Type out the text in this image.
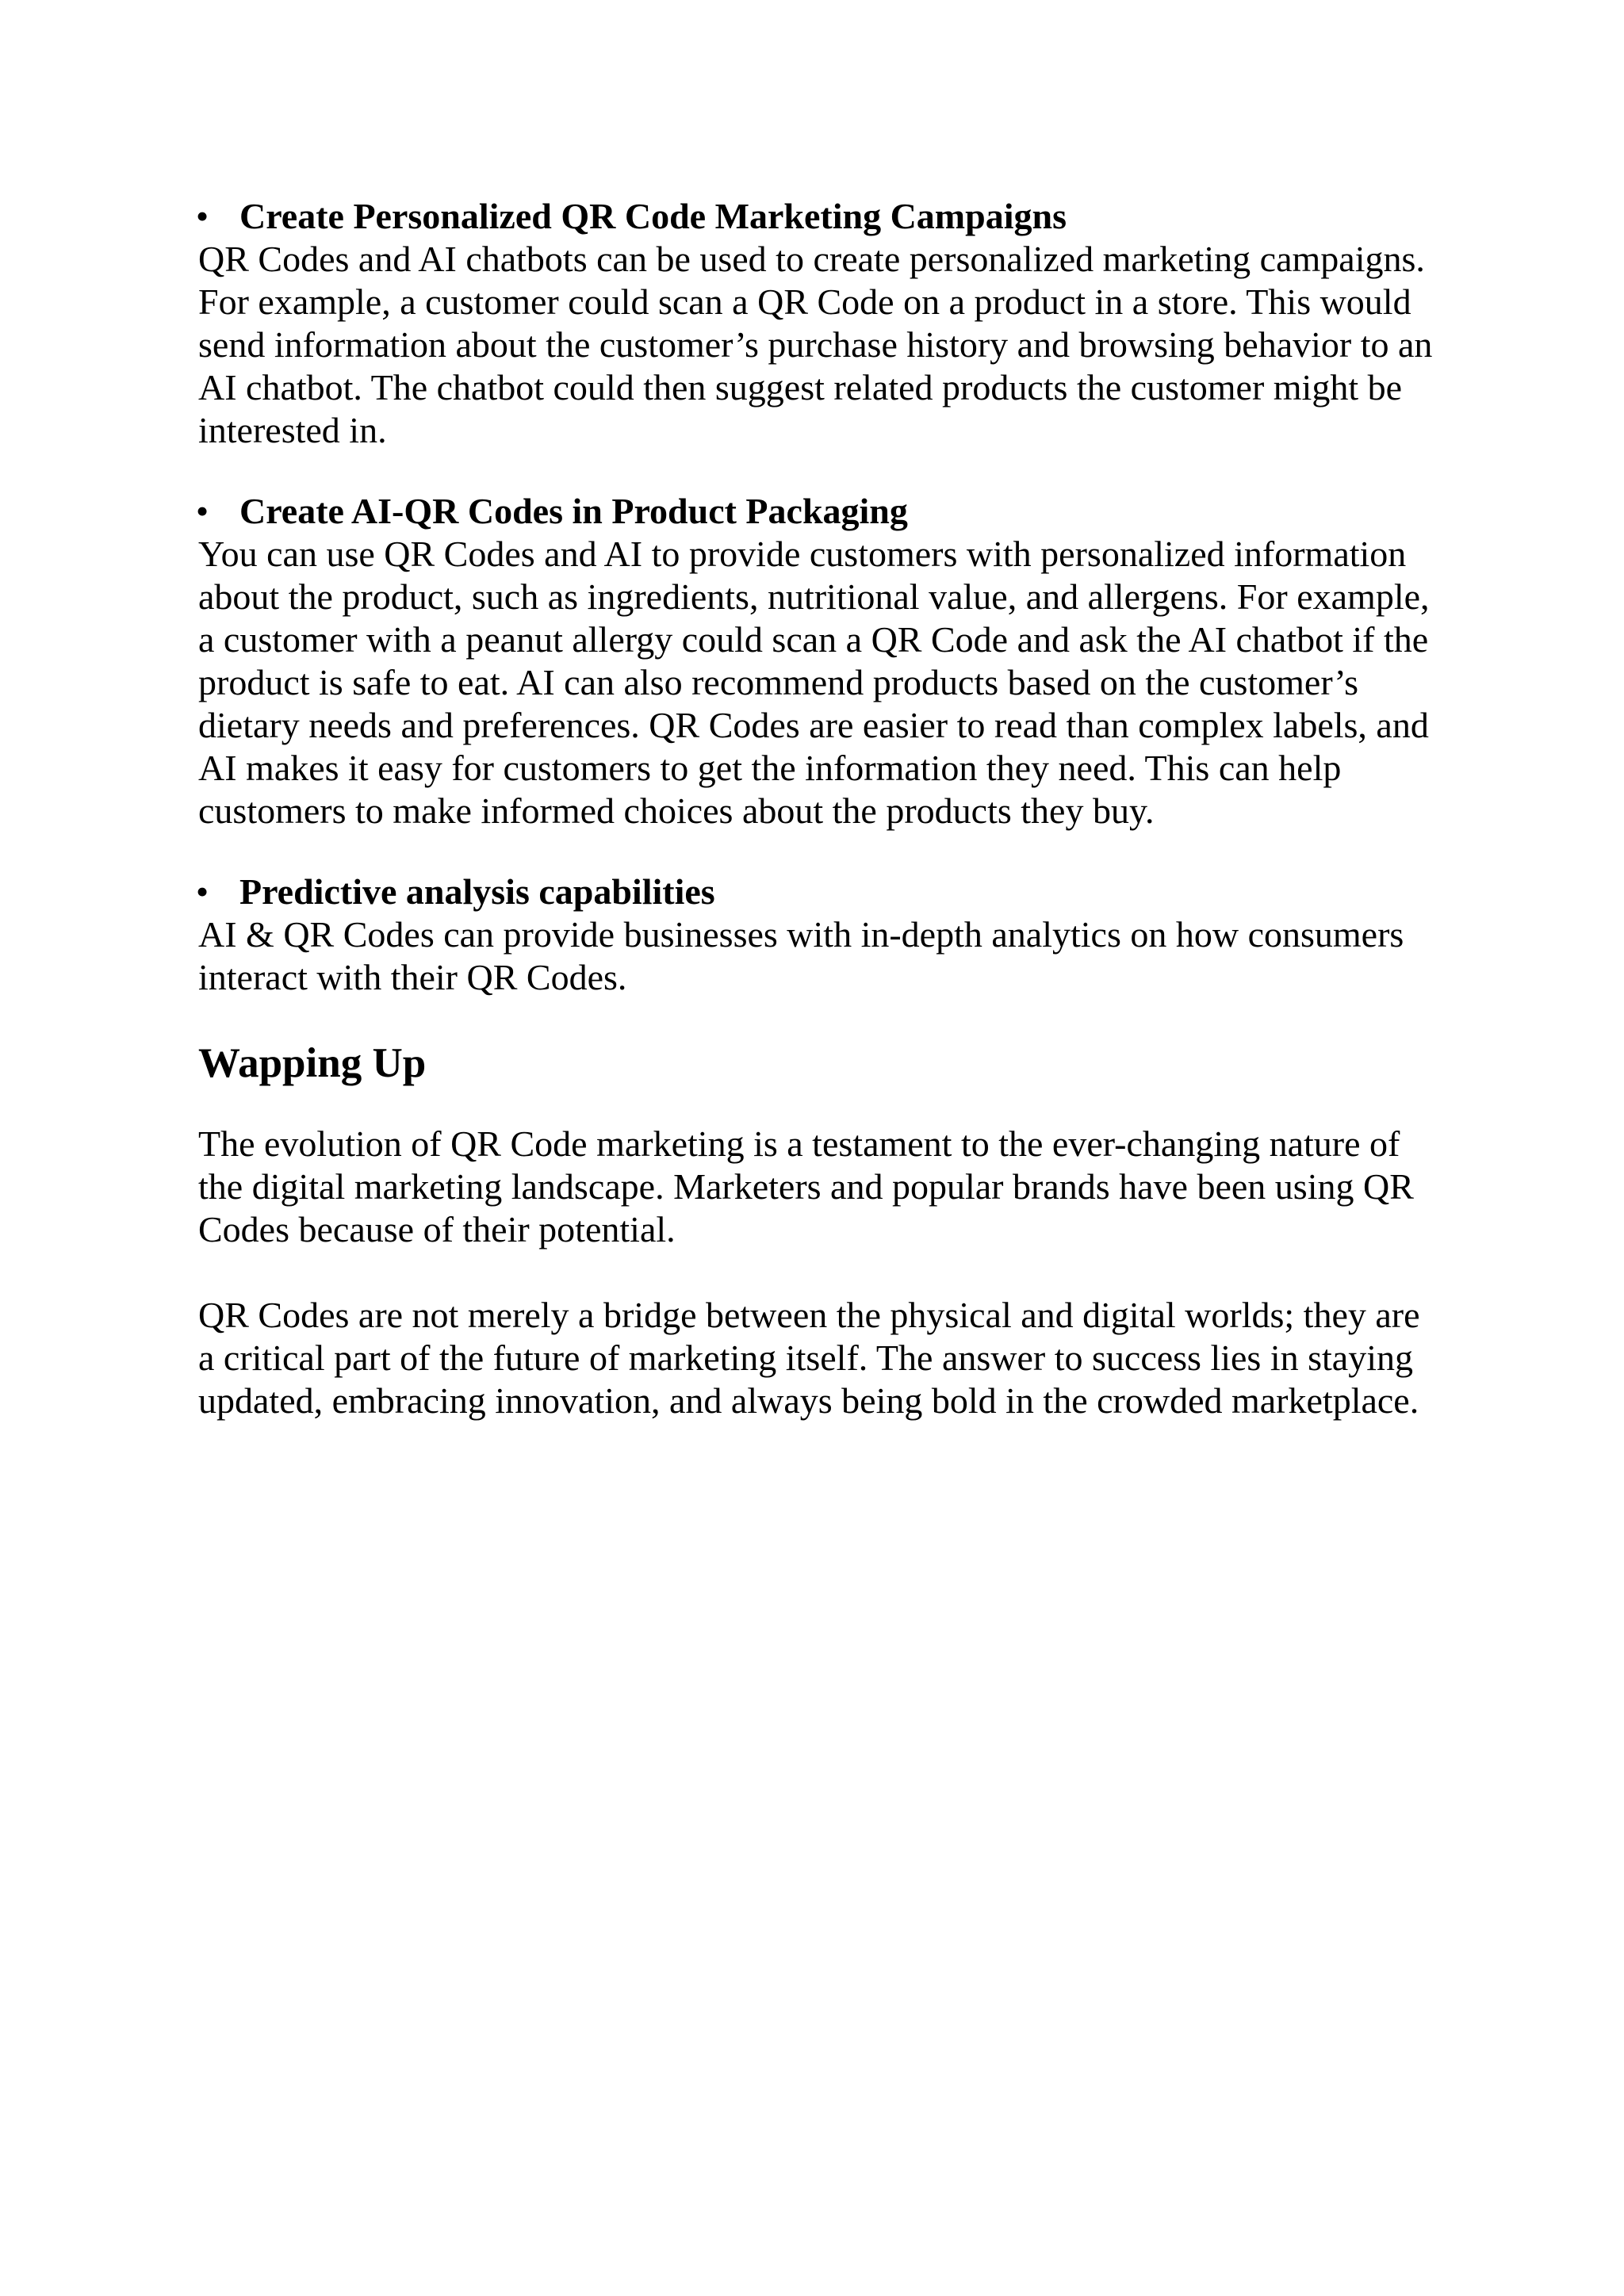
• Create Personalized QR Code Marketing Campaigns

QR Codes and AI chatbots can be used to create personalized marketing campaigns. For example, a customer could scan a QR Code on a product in a store. This would send information about the customer’s purchase history and browsing behavior to an AI chatbot. The chatbot could then suggest related products the customer might be interested in.

• Create AI-QR Codes in Product Packaging

You can use QR Codes and AI to provide customers with personalized information about the product, such as ingredients, nutritional value, and allergens. For example, a customer with a peanut allergy could scan a QR Code and ask the AI chatbot if the product is safe to eat. AI can also recommend products based on the customer’s dietary needs and preferences. QR Codes are easier to read than complex labels, and AI makes it easy for customers to get the information they need. This can help customers to make informed choices about the products they buy.

• Predictive analysis capabilities

AI & QR Codes can provide businesses with in-depth analytics on how consumers interact with their QR Codes.

Wapping Up

The evolution of QR Code marketing is a testament to the ever-changing nature of the digital marketing landscape. Marketers and popular brands have been using QR Codes because of their potential.

QR Codes are not merely a bridge between the physical and digital worlds; they are a critical part of the future of marketing itself. The answer to success lies in staying updated, embracing innovation, and always being bold in the crowded marketplace.
